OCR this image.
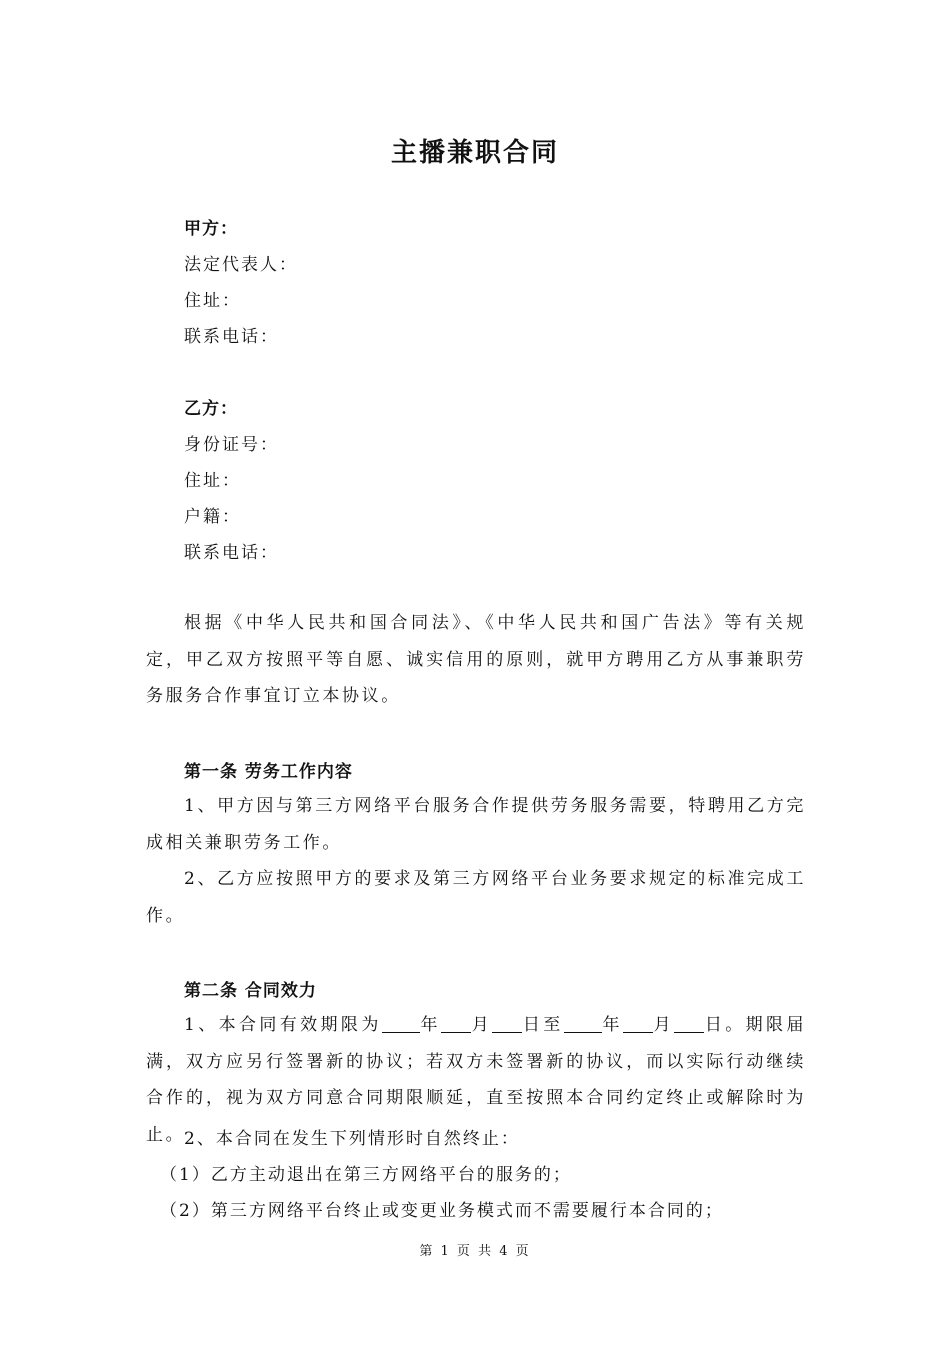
主播兼职合同
甲方：
法定代表人：
住址：
联系电话：
乙方：
身份证号：
住址：
户籍：
联系电话：

根据《中华人民共和国合同法》、《中华人民共和国广告法》等有关规定，甲乙双方按照平等自愿、诚实信用的原则，就甲方聘用乙方从事兼职劳务服务合作事宜订立本协议。

第一条 劳务工作内容

1、甲方因与第三方网络平台服务合作提供劳务服务需要，特聘用乙方完成相关兼职劳务工作。

2、乙方应按照甲方的要求及第三方网络平台业务要求规定的标准完成工作。

第二条 合同效力

1、本合同有效期限为 年 月 日至 年 月 日。期限届满，双方应另行签署新的协议；若双方未签署新的协议，而以实际行动继续合作的，视为双方同意合同期限顺延，直至按照本合同约定终止或解除时为止。

2、本合同在发生下列情形时自然终止：
（1）乙方主动退出在第三方网络平台的服务的；
（2）第三方网络平台终止或变更业务模式而不需要履行本合同的；
第 1 页 共 4 页
